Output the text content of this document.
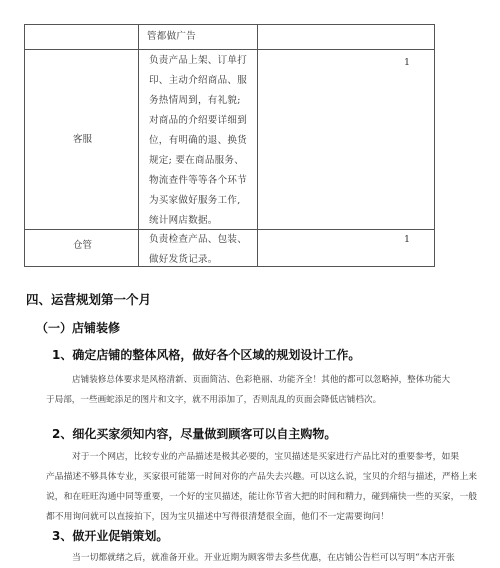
管都做广告
客服
负责产品上架、订单打
印、主动介绍商品、服
务热情周到，有礼貌;
对商品的介绍要详细到
位，有明确的退、换货
规定; 要在商品服务、
物流查件等等各个环节
为买家做好服务工作,
统计网店数据。
1
仓管
负责检查产品、包装、
做好发货记录。
1
四、运营规划第一个月
（一）店铺装修
1、确定店铺的整体风格，做好各个区域的规划设计工作。
店铺装修总体要求是风格清新、页面简洁、色彩艳丽、功能齐全！其他的都可以忽略掉，整体功能大
于局部，一些画蛇添足的图片和文字，就不用添加了，否则乱乱的页面会降低店铺档次。
2、细化买家须知内容，尽量做到顾客可以自主购物。
对于一个网店，比较专业的产品描述是极其必要的，宝贝描述是买家进行产品比对的重要参考，如果
产品描述不够具体专业，买家很可能第一时间对你的产品失去兴趣。可以这么说，宝贝的介绍与描述，严格上来
说，和在旺旺沟通中同等重要，一个好的宝贝描述，能让你节省大把的时间和精力，碰到痛快一些的买家，一般
都不用询问就可以直接拍下，因为宝贝描述中写得很清楚很全面，他们不一定需要询问！
3、做开业促销策划。
当一切都就绪之后，就准备开业。开业近期为顾客带去多些优惠，在店铺公告栏可以写明“本店开张
